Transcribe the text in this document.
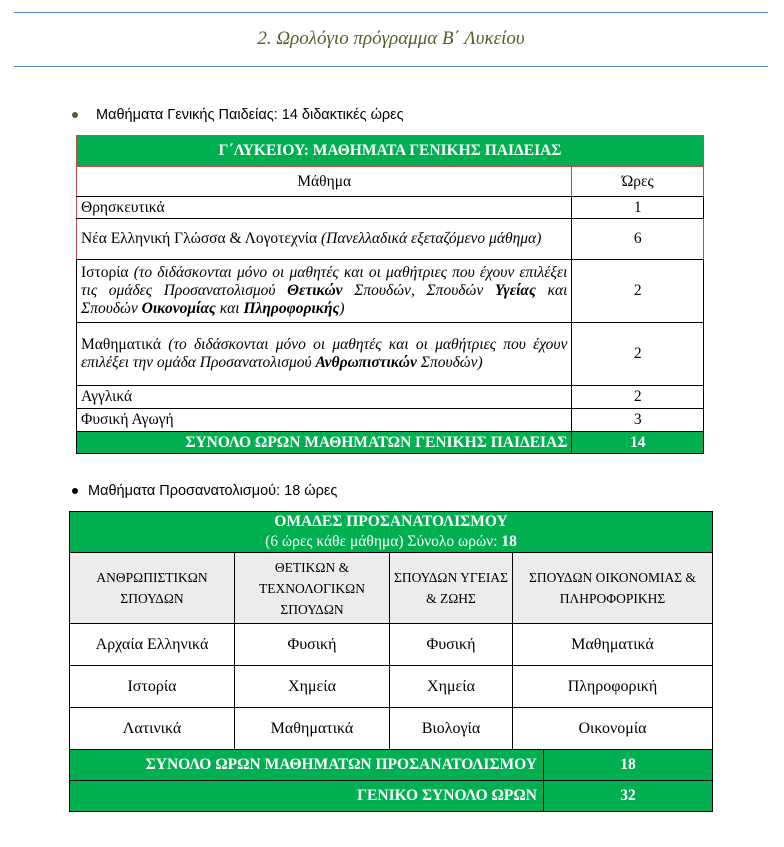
2. Ωρολόγιο πρόγραμμα Β΄ Λυκείου
Μαθήματα Γενικής Παιδείας: 14 διδακτικές ώρες
Γ΄ΛΥΚΕΙΟΥ: ΜΑΘΗΜΑΤΑ ΓΕΝΙΚΗΣ ΠΑΙΔΕΙΑΣ	
Μάθημα	Ώρες
Θρησκευτικά	1
Νέα Ελληνική Γλώσσα & Λογοτεχνία (Πανελλαδικά εξεταζόμενο μάθημα)	6
Ιστορία (το διδάσκονται μόνο οι μαθητές και οι μαθήτριες που έχουν επιλέξει τις ομάδες Προσανατολισμού Θετικών Σπουδών, Σπουδών Υγείας και Σπουδών Οικονομίας και Πληροφορικής)	2
Μαθηματικά (το διδάσκονται μόνο οι μαθητές και οι μαθήτριες που έχουν επιλέξει την ομάδα Προσανατολισμού Ανθρωπιστικών Σπουδών)	2
Αγγλικά	2
Φυσική Αγωγή	3
ΣΥΝΟΛΟ ΩΡΩΝ ΜΑΘΗΜΑΤΩΝ ΓΕΝΙΚΗΣ ΠΑΙΔΕΙΑΣ	14
Μαθήματα Προσανατολισμού: 18 ώρες
ΟΜΑΔΕΣ ΠΡΟΣΑΝΑΤΟΛΙΣΜΟΥ
(6 ώρες κάθε μάθημα) Σύνολο ωρών: 18				

ΑΝΘΡΩΠΙΣΤΙΚΩΝ ΣΠΟΥΔΩΝ	ΘΕΤΙΚΩΝ & ΤΕΧΝΟΛΟΓΙΚΩΝ ΣΠΟΥΔΩΝ	ΣΠΟΥΔΩΝ ΥΓΕΙΑΣ & ΖΩΗΣ	ΣΠΟΥΔΩΝ ΟΙΚΟΝΟΜΙΑΣ & ΠΛΗΡΟΦΟΡΙΚΗΣ	
Αρχαία Ελληνικά	Φυσική	Φυσική	Μαθηματικά	
Ιστορία	Χημεία	Χημεία	Πληροφορική	
Λατινικά	Μαθηματικά	Βιολογία	Οικονομία	
ΣΥΝΟΛΟ ΩΡΩΝ ΜΑΘΗΜΑΤΩΝ ΠΡΟΣΑΝΑΤΟΛΙΣΜΟΥ				18
ΓΕΝΙΚΟ ΣΥΝΟΛΟ ΩΡΩΝ				32
